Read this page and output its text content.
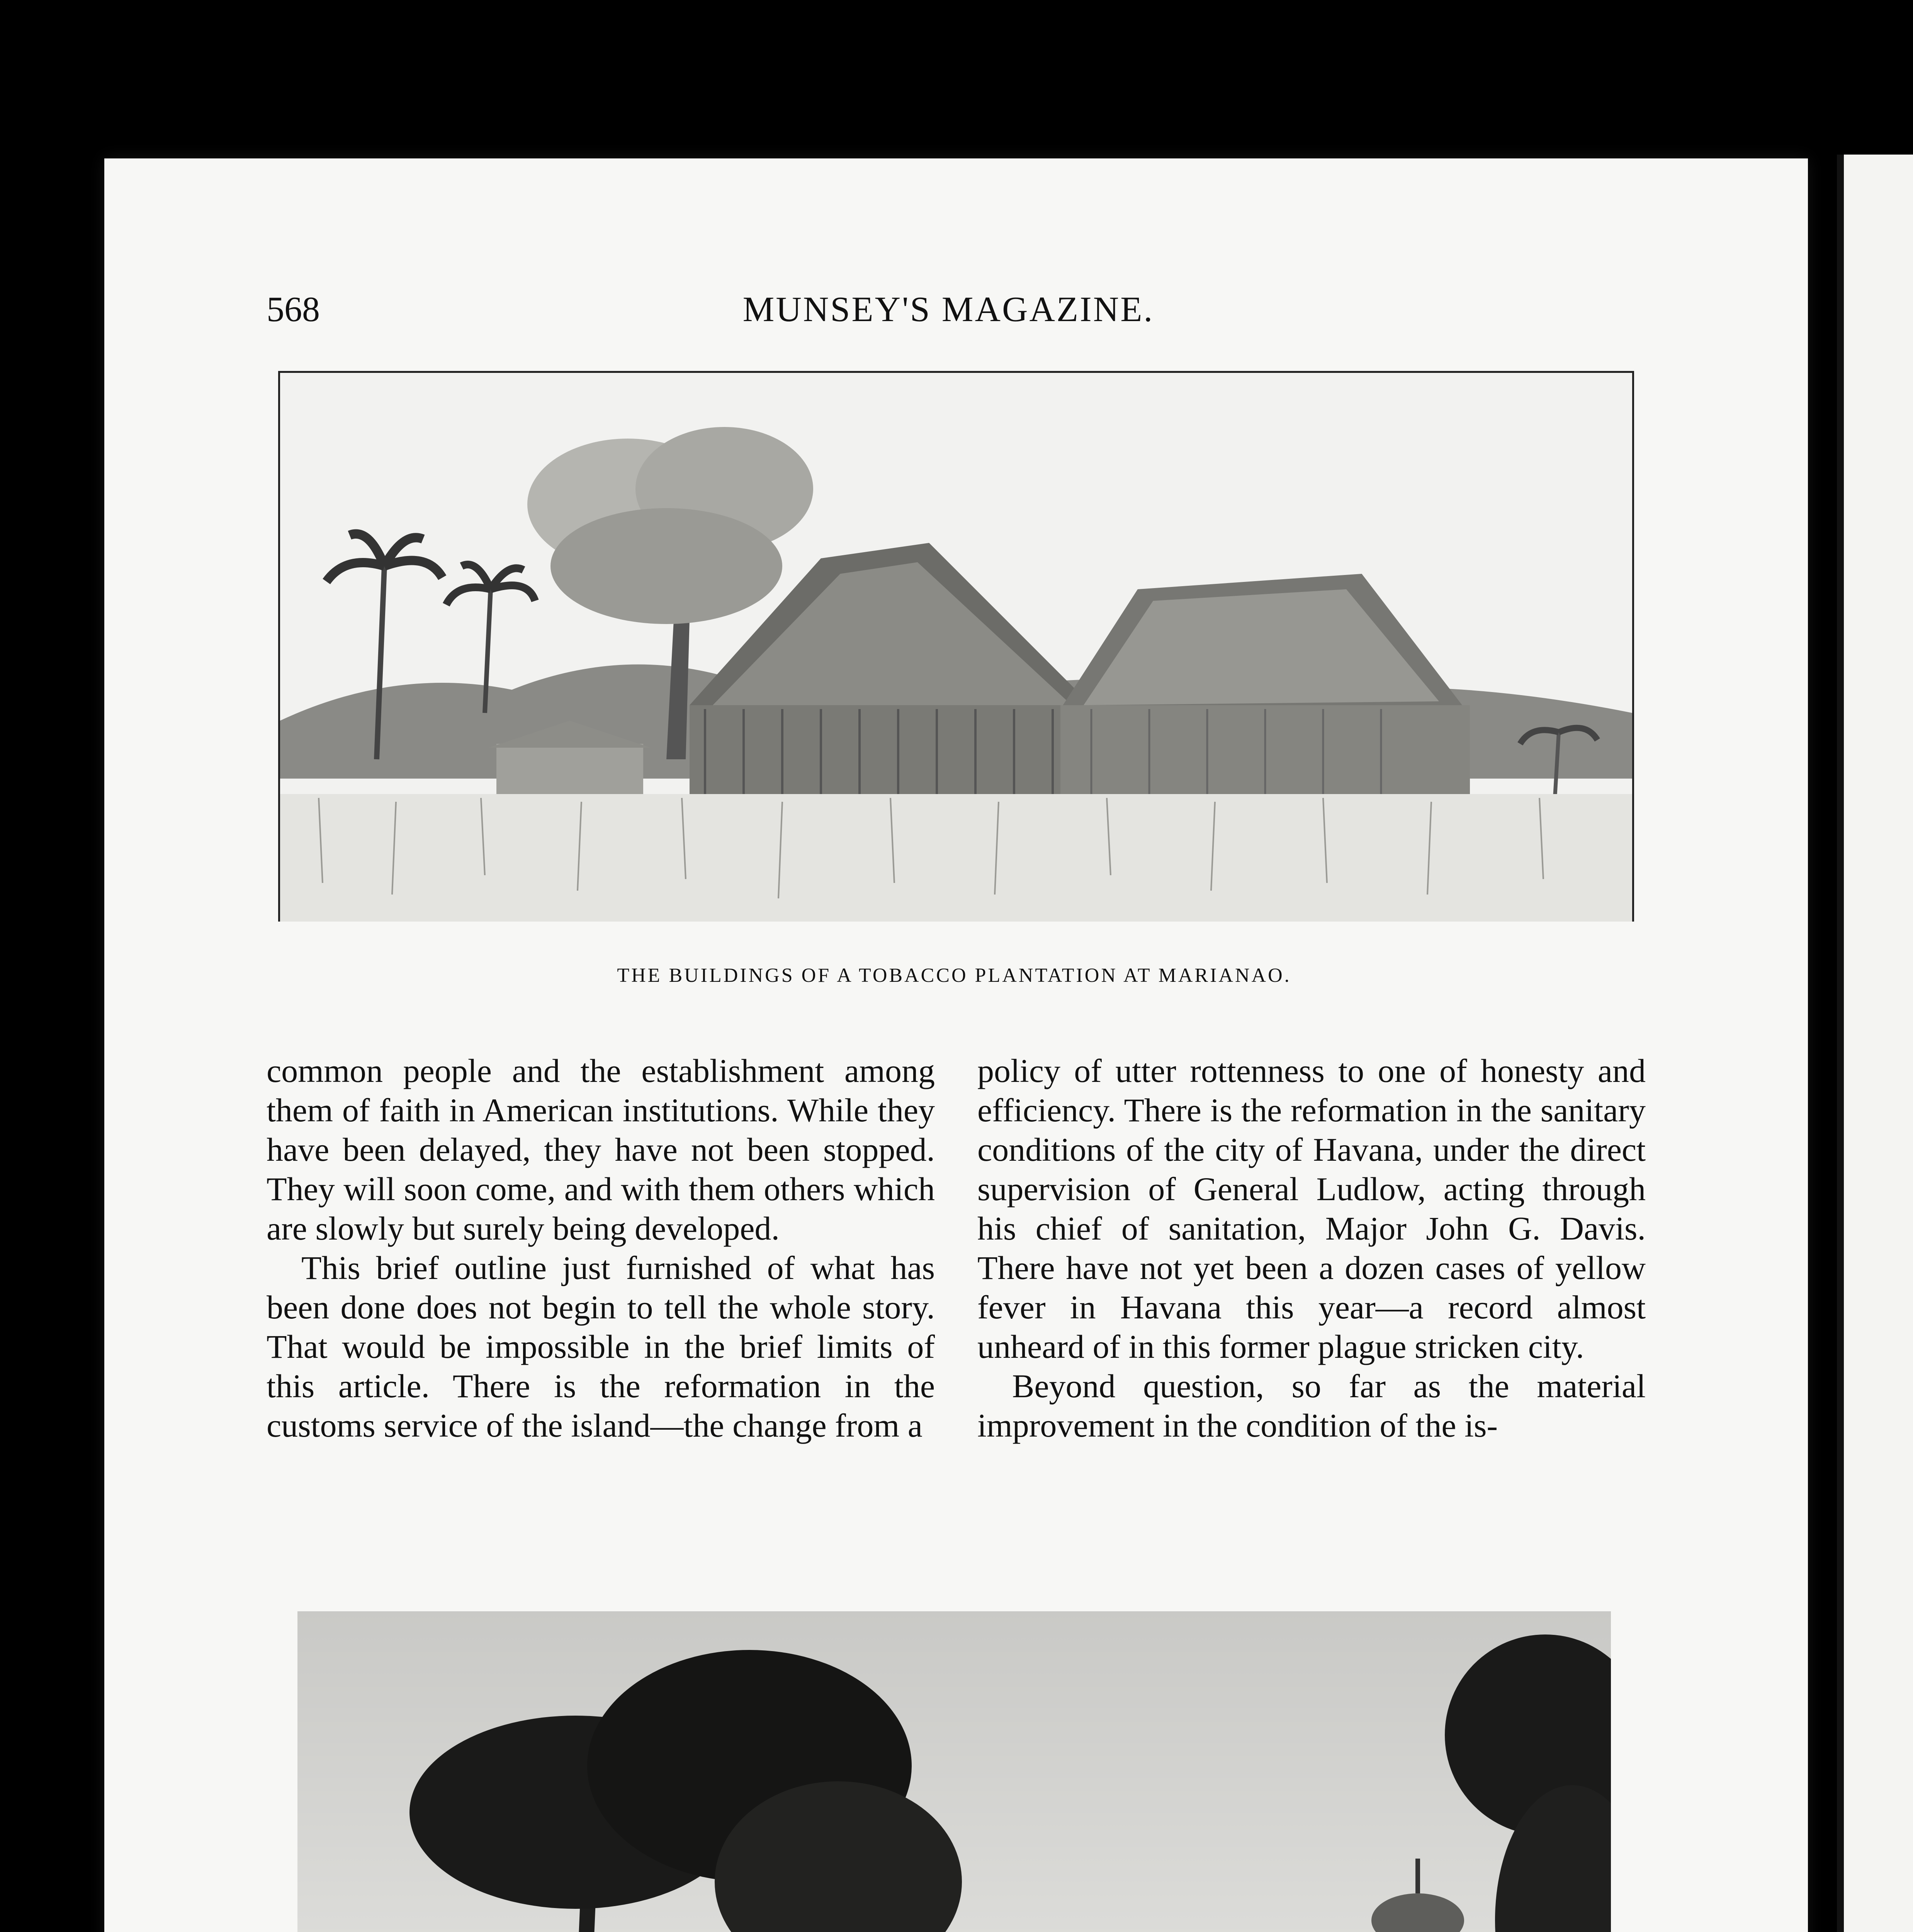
568	MUNSEY'S MAGAZINE.
THE BUILDINGS OF A TOBACCO PLANTATION AT MARIANAO.

common people and the establishment among them of faith in American institutions. While they have been delayed, they have not been stopped. They will soon come, and with them others which are slowly but surely being developed.

This brief outline just furnished of what has been done does not begin to tell the whole story. That would be impossible in the brief limits of this article. There is the reformation in the customs service of the island—the change from a

policy of utter rottenness to one of honesty and efficiency. There is the reformation in the sanitary conditions of the city of Havana, under the direct supervision of General Ludlow, acting through his chief of sanitation, Major John G. Davis. There have not yet been a dozen cases of yellow fever in Havana this year—a record almost unheard of in this former plague stricken city.

Beyond question, so far as the material improvement in the condition of the is-
